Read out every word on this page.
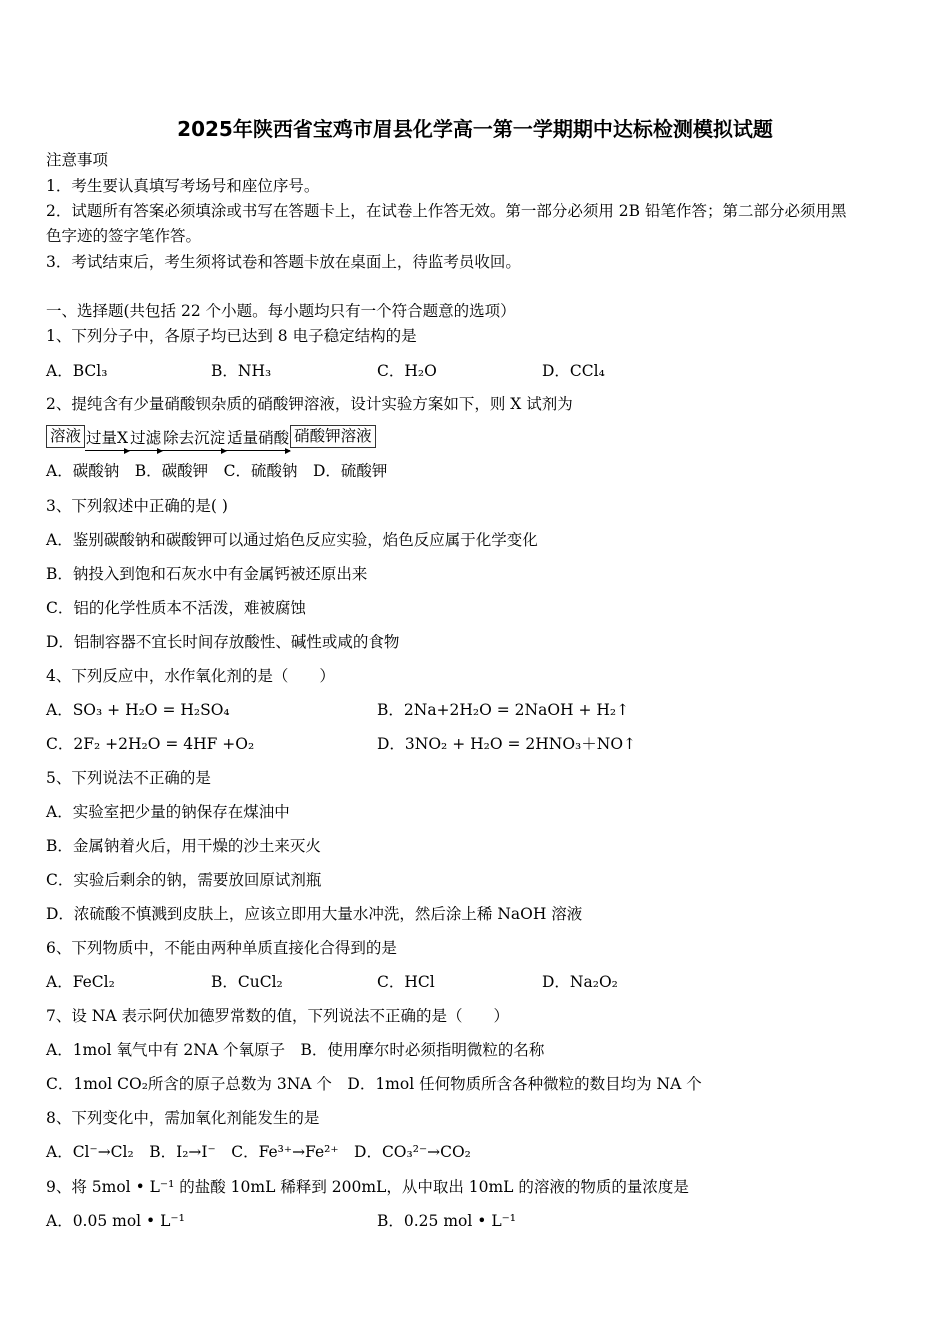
2025年陕西省宝鸡市眉县化学高一第一学期期中达标检测模拟试题
注意事项
1．考生要认真填写考场号和座位序号。
2．试题所有答案必须填涂或书写在答题卡上，在试卷上作答无效。第一部分必须用 2B 铅笔作答；第二部分必须用黑
色字迹的签字笔作答。
3．考试结束后，考生须将试卷和答题卡放在桌面上，待监考员收回。
一、选择题(共包括 22 个小题。每小题均只有一个符合题意的选项）
溶液 过量X 过滤 除去沉淀 适量硝酸 硝酸钾溶液
1、下列分子中，各原子均已达到 8 电子稳定结构的是
A．BCl₃	B．NH₃	C．H₂O	D．CCl₄
2、提纯含有少量硝酸钡杂质的硝酸钾溶液，设计实验方案如下，则 X 试剂为
A．碳酸钠　B．碳酸钾　C．硫酸钠　D．硫酸钾
3、下列叙述中正确的是( )
A．鉴别碳酸钠和碳酸钾可以通过焰色反应实验，焰色反应属于化学变化
B．钠投入到饱和石灰水中有金属钙被还原出来
C．铝的化学性质本不活泼，难被腐蚀
D．铝制容器不宜长时间存放酸性、碱性或咸的食物
4、下列反应中，水作氧化剂的是（　　）
A．SO₃ + H₂O = H₂SO₄	B．2Na+2H₂O = 2NaOH + H₂↑
C．2F₂ +2H₂O = 4HF +O₂	D．3NO₂ + H₂O = 2HNO₃＋NO↑
5、下列说法不正确的是
A．实验室把少量的钠保存在煤油中
B．金属钠着火后，用干燥的沙土来灭火
C．实验后剩余的钠，需要放回原试剂瓶
D．浓硫酸不慎溅到皮肤上，应该立即用大量水冲洗，然后涂上稀 NaOH 溶液
6、下列物质中，不能由两种单质直接化合得到的是
A．FeCl₂	B．CuCl₂	C．HCl	D．Na₂O₂
7、设 NA 表示阿伏加德罗常数的值，下列说法不正确的是（　　）
A．1mol 氧气中有 2NA 个氧原子　B．使用摩尔时必须指明微粒的名称
C．1mol CO₂所含的原子总数为 3NA 个　D．1mol 任何物质所含各种微粒的数目均为 NA 个
8、下列变化中，需加氧化剂能发生的是
A．Cl⁻→Cl₂　B．I₂→I⁻　C．Fe³⁺→Fe²⁺　D．CO₃²⁻→CO₂
9、将 5mol • L⁻¹ 的盐酸 10mL 稀释到 200mL，从中取出 10mL 的溶液的物质的量浓度是
A．0.05 mol • L⁻¹	B．0.25 mol • L⁻¹
